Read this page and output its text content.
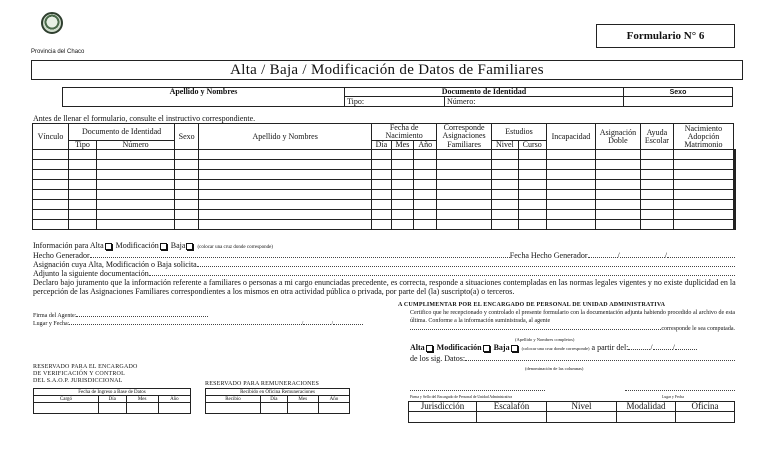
Provincia del Chaco
Formulario N° 6
Alta / Baja / Modificación de Datos de Familiares
Apellido y Nombres	Documento de Identidad		Sexo
	Tipo:	Número:	
Antes de llenar el formulario, consulte el instructivo correspondiente.
Vínculo	Documento de Identidad		Sexo	Apellido y Nombres	Fecha de Nacimiento			Corresponde Asignaciones	Estudios		Incapacidad	Asignación Doble	Ayuda Escolar	Nacimiento Adopción Matrimonio	
	Tipo	Número			Día	Mes	Año	Familiares	Nivel	Curso					

Información para Alta Modificación Baja (colocar una cruz donde corresponde)
Hecho Generador	Fecha Hecho Generador	/	/
Asignación cuya Alta, Modificación o Baja solicita
Adjunto la siguiente documentación
Declaro bajo juramento que la información referente a familiares o personas a mi cargo enunciadas precedente, es correcta, responde a situaciones contempladas en las normas legales vigentes y no existe duplicidad en la percepción de las Asignaciones Familiares correspondientes a los mismos en otra actividad pública o privada, por parte del (la) suscripto(a) o terceros.
Firma del Agente:
Lugar y Fecha:	/	/
A CUMPLIMENTAR POR EL ENCARGADO DE PERSONAL DE UNIDAD ADMINISTRATIVA
Certifico que he recepcionado y controlado el presente formulario con la documentación adjunta habiendo procedido al archivo de esta última. Conforme a la información suministrada, al agente
corresponde le sea computada.
(Apellido y Nombres completos)
Alta Modificación Baja	(colocar una cruz donde corresponde) a partir del:	/	/
de los sig. Datos:
(denominación de las columnas)
Firma y Sello del Encargado de Personal de Unidad Administrativa	Lugar y Fecha
Jurisdicción	Escalafón	Nivel	Modalidad	Oficina

RESERVADO PARA EL ENCARGADO
DE VERIFICACIÓN Y CONTROL
DEL S.A.O.P. JURISDICCIONAL
Fecha de Ingreso a Base de Datos			
Cargó	Día	Mes	Año

RESERVADO PARA REMUNERACIONES
Recibido en Oficina Remuneraciones			
Recibio	Día	Mes	Año
